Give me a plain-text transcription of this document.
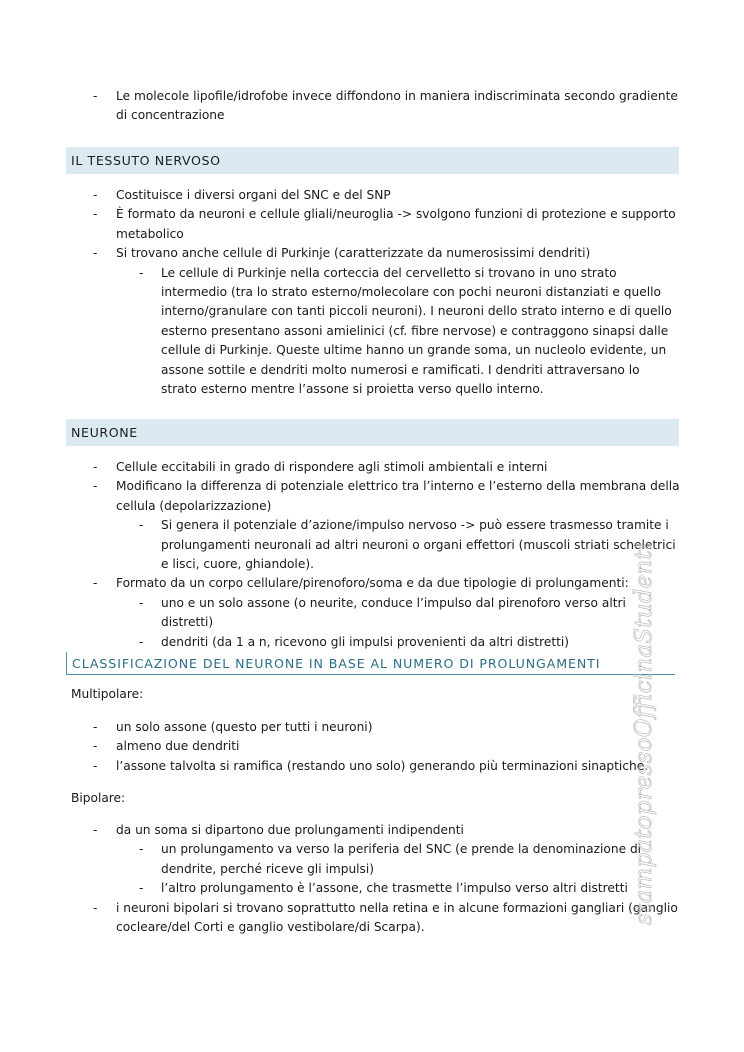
- Le molecole lipofile/idrofobe invece diffondono in maniera indiscriminata secondo gradiente di concentrazione
IL TESSUTO NERVOSO
- Costituisce i diversi organi del SNC e del SNP
- È formato da neuroni e cellule gliali/neuroglia -> svolgono funzioni di protezione e supporto metabolico
- Si trovano anche cellule di Purkinje (caratterizzate da numerosissimi dendriti)
- Le cellule di Purkinje nella corteccia del cervelletto si trovano in uno strato intermedio (tra lo strato esterno/molecolare con pochi neuroni distanziati e quello interno/granulare con tanti piccoli neuroni). I neuroni dello strato interno e di quello esterno presentano assoni amielinici (cf. fibre nervose) e contraggono sinapsi dalle cellule di Purkinje. Queste ultime hanno un grande soma, un nucleolo evidente, un assone sottile e dendriti molto numerosi e ramificati. I dendriti attraversano lo strato esterno mentre l’assone si proietta verso quello interno.
NEURONE
- Cellule eccitabili in grado di rispondere agli stimoli ambientali e interni
- Modificano la differenza di potenziale elettrico tra l’interno e l’esterno della membrana della cellula (depolarizzazione)
- Si genera il potenziale d’azione/impulso nervoso -> può essere trasmesso tramite i prolungamenti neuronali ad altri neuroni o organi effettori (muscoli striati scheletrici e lisci, cuore, ghiandole).
- Formato da un corpo cellulare/pirenoforo/soma e da due tipologie di prolungamenti:
- uno e un solo assone (o neurite, conduce l’impulso dal pirenoforo verso altri distretti)
- dendriti (da 1 a n, ricevono gli impulsi provenienti da altri distretti)
CLASSIFICAZIONE DEL NEURONE IN BASE AL NUMERO DI PROLUNGAMENTI
Multipolare:
- un solo assone (questo per tutti i neuroni)
- almeno due dendriti
- l’assone talvolta si ramifica (restando uno solo) generando più terminazioni sinaptiche.
Bipolare:
- da un soma si dipartono due prolungamenti indipendenti
- un prolungamento va verso la periferia del SNC (e prende la denominazione di dendrite, perché riceve gli impulsi)
- l’altro prolungamento è l’assone, che trasmette l’impulso verso altri distretti
- i neuroni bipolari si trovano soprattutto nella retina e in alcune formazioni gangliari (ganglio cocleare/del Corti e ganglio vestibolare/di Scarpa).
stampatopressoOfficinaStudenti
